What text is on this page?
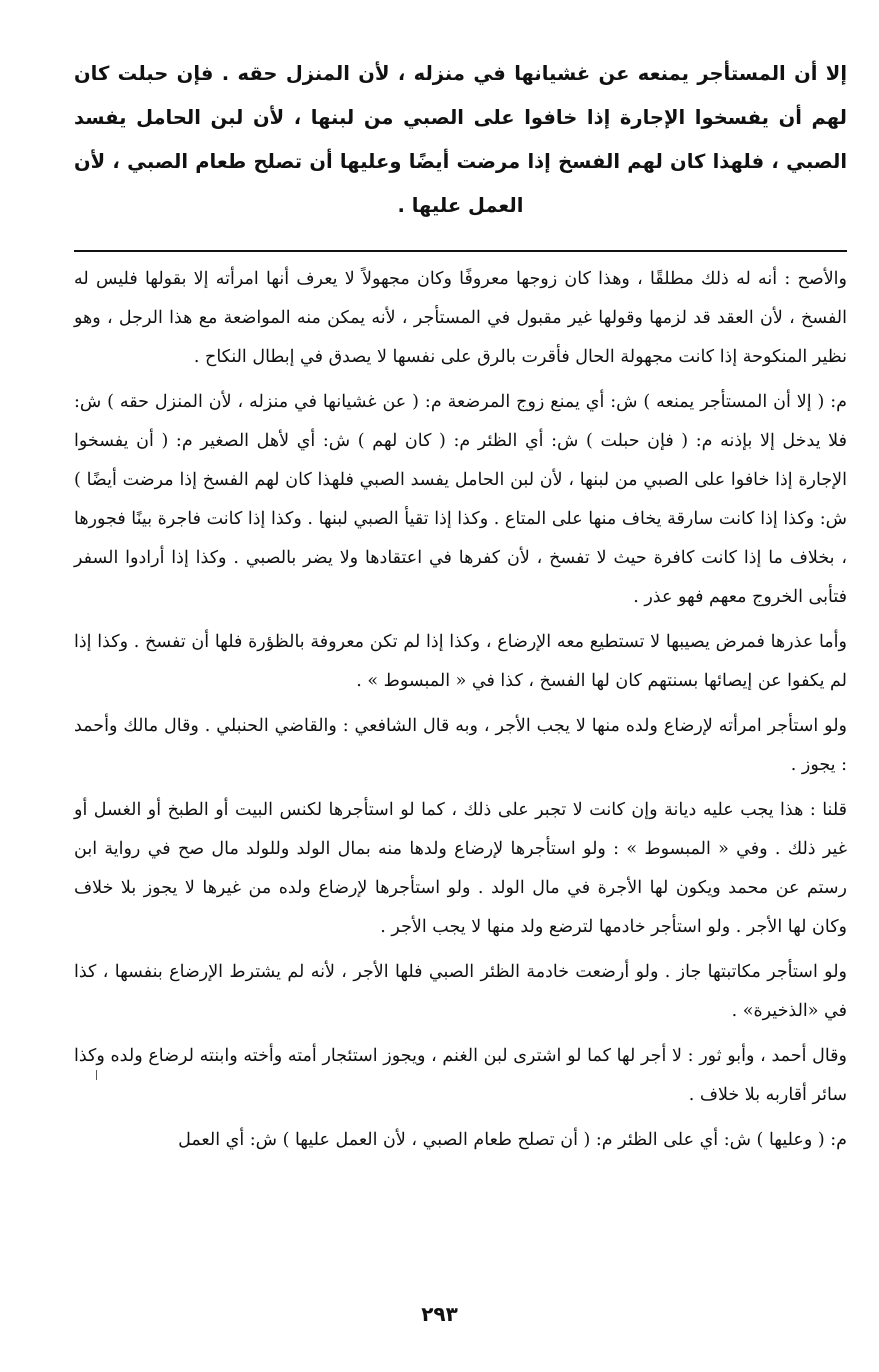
إلا أن المستأجر يمنعه عن غشيانها في منزله ، لأن المنزل حقه . فإن حبلت كان لهم أن يفسخوا الإجارة إذا خافوا على الصبي من لبنها ، لأن لبن الحامل يفسد الصبي ، فلهذا كان لهم الفسخ إذا مرضت أيضًا وعليها أن تصلح طعام الصبي ، لأن العمل عليها .

والأصح : أنه له ذلك مطلقًا ، وهذا كان زوجها معروفًا وكان مجهولاً لا يعرف أنها امرأته إلا بقولها فليس له الفسخ ، لأن العقد قد لزمها وقولها غير مقبول في المستأجر ، لأنه يمكن منه المواضعة مع هذا الرجل ، وهو نظير المنكوحة إذا كانت مجهولة الحال فأقرت بالرق على نفسها لا يصدق في إبطال النكاح .

م: ( إلا أن المستأجر يمنعه ) ش: أي يمنع زوج المرضعة م: ( عن غشيانها في منزله ، لأن المنزل حقه ) ش: فلا يدخل إلا بإذنه م: ( فإن حبلت ) ش: أي الظئر م: ( كان لهم ) ش: أي لأهل الصغير م: ( أن يفسخوا الإجارة إذا خافوا على الصبي من لبنها ، لأن لبن الحامل يفسد الصبي فلهذا كان لهم الفسخ إذا مرضت أيضًا ) ش: وكذا إذا كانت سارقة يخاف منها على المتاع . وكذا إذا تقيأ الصبي لبنها . وكذا إذا كانت فاجرة بينًا فجورها ، بخلاف ما إذا كانت كافرة حيث لا تفسخ ، لأن كفرها في اعتقادها ولا يضر بالصبي . وكذا إذا أرادوا السفر فتأبى الخروج معهم فهو عذر .

وأما عذرها فمرض يصيبها لا تستطيع معه الإرضاع ، وكذا إذا لم تكن معروفة بالظؤرة فلها أن تفسخ . وكذا إذا لم يكفوا عن إيصائها بسنتهم كان لها الفسخ ، كذا في « المبسوط » .

ولو استأجر امرأته لإرضاع ولده منها لا يجب الأجر ، وبه قال الشافعي : والقاضي الحنبلي . وقال مالك وأحمد : يجوز .

قلنا : هذا يجب عليه ديانة وإن كانت لا تجبر على ذلك ، كما لو استأجرها لكنس البيت أو الطبخ أو الغسل أو غير ذلك . وفي « المبسوط » : ولو استأجرها لإرضاع ولدها منه بمال الولد وللولد مال صح في رواية ابن رستم عن محمد ويكون لها الأجرة في مال الولد . ولو استأجرها لإرضاع ولده من غيرها لا يجوز بلا خلاف وكان لها الأجر . ولو استأجر خادمها لترضع ولد منها لا يجب الأجر .

ولو استأجر مكاتبتها جاز . ولو أرضعت خادمة الظئر الصبي فلها الأجر ، لأنه لم يشترط الإرضاع بنفسها ، كذا في «الذخيرة» .

وقال أحمد ، وأبو ثور : لا أجر لها كما لو اشترى لبن الغنم ، ويجوز استئجار أمته وأخته وابنته لرضاع ولده وكذا سائر أقاربه بلا خلاف .

م: ( وعليها ) ش: أي على الظئر م: ( أن تصلح طعام الصبي ، لأن العمل عليها ) ش: أي العمل

٢٩٣
